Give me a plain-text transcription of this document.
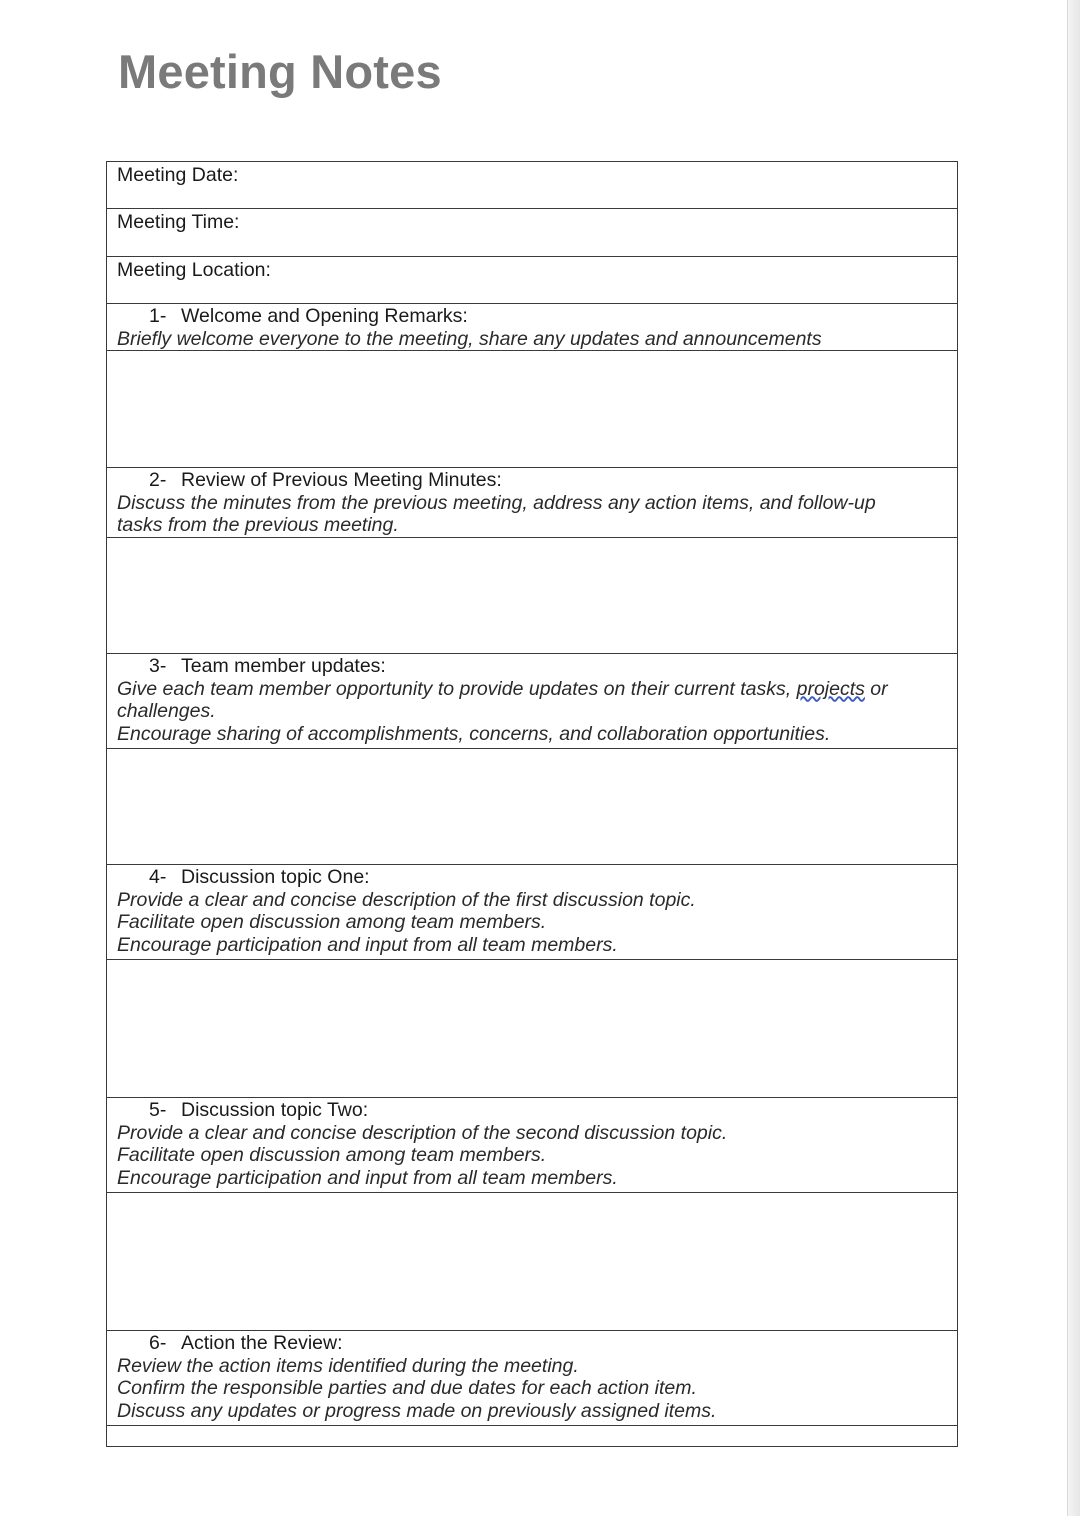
Meeting Notes
Meeting Date:
Meeting Time:
Meeting Location:

1- Welcome and Opening Remarks:
Briefly welcome everyone to the meeting, share any updates and announcements

2- Review of Previous Meeting Minutes:
Discuss the minutes from the previous meeting, address any action items, and follow-up
tasks from the previous meeting.

3- Team member updates:
Give each team member opportunity to provide updates on their current tasks, projects or
challenges.
Encourage sharing of accomplishments, concerns, and collaboration opportunities.

4- Discussion topic One:
Provide a clear and concise description of the first discussion topic.
Facilitate open discussion among team members.
Encourage participation and input from all team members.

5- Discussion topic Two:
Provide a clear and concise description of the second discussion topic.
Facilitate open discussion among team members.
Encourage participation and input from all team members.

6- Action the Review:
Review the action items identified during the meeting.
Confirm the responsible parties and due dates for each action item.
Discuss any updates or progress made on previously assigned items.
